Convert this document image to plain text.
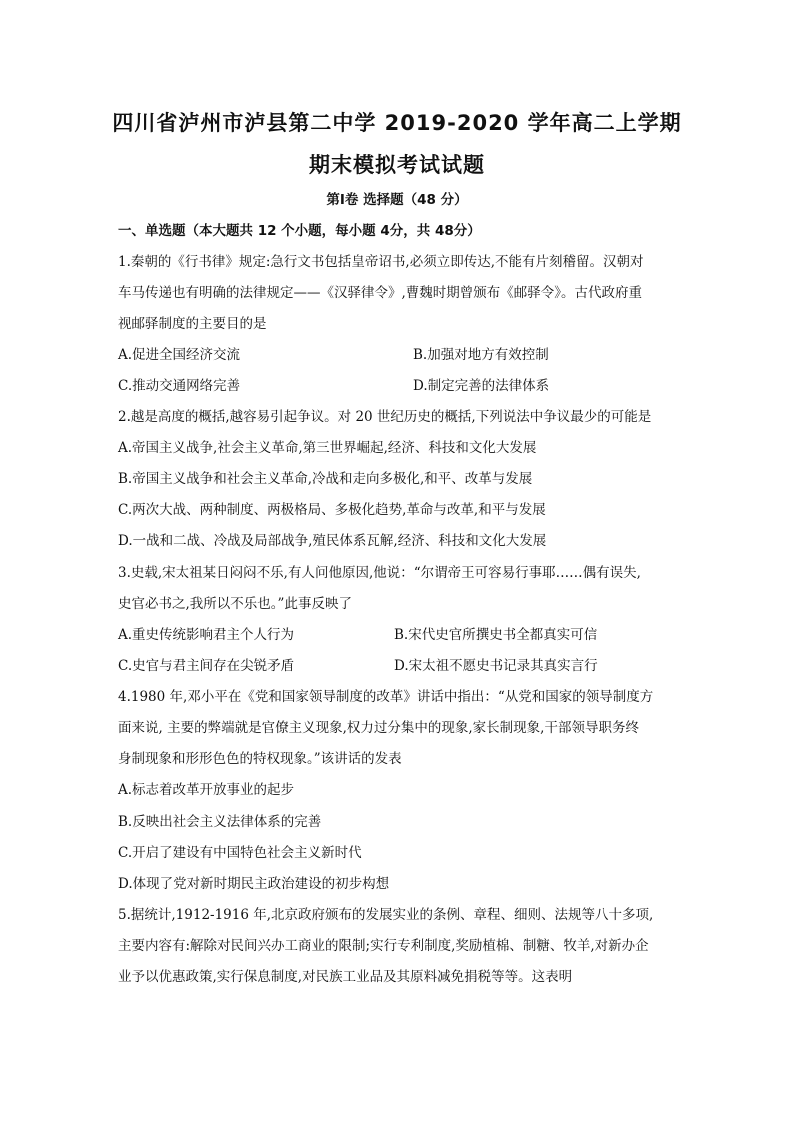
四川省泸州市泸县第二中学 2019-2020 学年高二上学期
期末模拟考试试题
第Ⅰ卷 选择题（48 分）
一、单选题（本大题共 12 个小题，每小题 4分，共 48分）
1.秦朝的《行书律》规定:急行文书包括皇帝诏书,必须立即传达,不能有片刻稽留。汉朝对
车马传递也有明确的法律规定——《汉驿律令》,曹魏时期曾颁布《邮驿令》。古代政府重
视邮驿制度的主要目的是
A.促进全国经济交流	B.加强对地方有效控制
C.推动交通网络完善	D.制定完善的法律体系
2.越是高度的概括,越容易引起争议。对 20 世纪历史的概括,下列说法中争议最少的可能是
A.帝国主义战争,社会主义革命,第三世界崛起,经济、科技和文化大发展
B.帝国主义战争和社会主义革命,冷战和走向多极化,和平、改革与发展
C.两次大战、两种制度、两极格局、多极化趋势,革命与改革,和平与发展
D.一战和二战、冷战及局部战争,殖民体系瓦解,经济、科技和文化大发展
3.史载,宋太祖某日闷闷不乐,有人问他原因,他说：“尔谓帝王可容易行事耶……偶有误失,
史官必书之,我所以不乐也。”此事反映了
A.重史传统影响君主个人行为	B.宋代史官所撰史书全都真实可信
C.史官与君主间存在尖锐矛盾	D.宋太祖不愿史书记录其真实言行
4.1980 年,邓小平在《党和国家领导制度的改革》讲话中指出：“从党和国家的领导制度方
面来说, 主要的弊端就是官僚主义现象,权力过分集中的现象,家长制现象,干部领导职务终
身制现象和形形色色的特权现象。”该讲话的发表
A.标志着改革开放事业的起步
B.反映出社会主义法律体系的完善
C.开启了建设有中国特色社会主义新时代
D.体现了党对新时期民主政治建设的初步构想
5.据统计,1912-1916 年,北京政府颁布的发展实业的条例、章程、细则、法规等八十多项,
主要内容有:解除对民间兴办工商业的限制;实行专利制度,奖励植棉、制糖、牧羊,对新办企
业予以优惠政策,实行保息制度,对民族工业品及其原料减免捐税等等。这表明
